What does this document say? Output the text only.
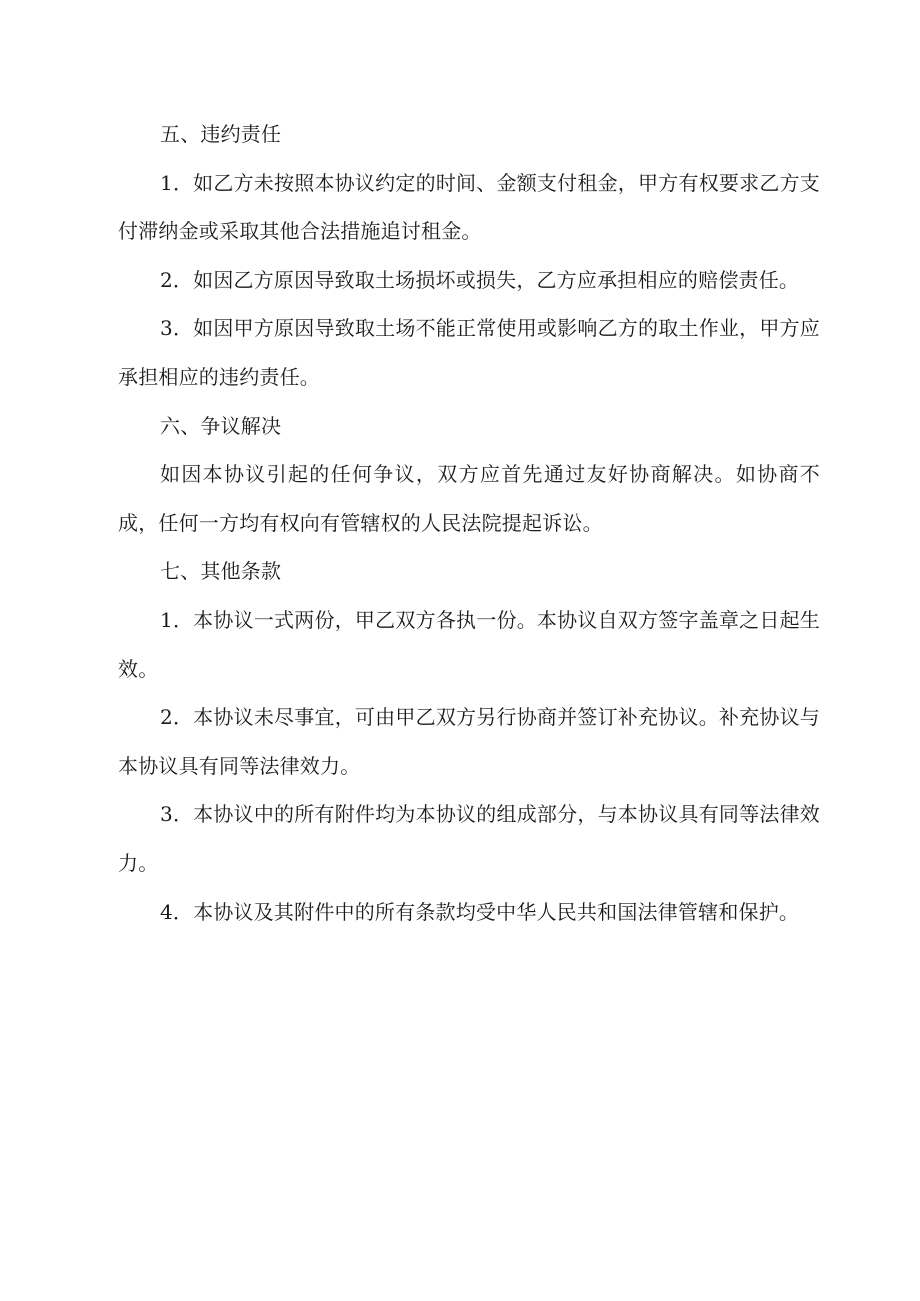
五、违约责任

1．如乙方未按照本协议约定的时间、金额支付租金，甲方有权要求乙方支付滞纳金或采取其他合法措施追讨租金。

2．如因乙方原因导致取土场损坏或损失，乙方应承担相应的赔偿责任。

3．如因甲方原因导致取土场不能正常使用或影响乙方的取土作业，甲方应承担相应的违约责任。

六、争议解决

如因本协议引起的任何争议，双方应首先通过友好协商解决。如协商不成，任何一方均有权向有管辖权的人民法院提起诉讼。

七、其他条款

1．本协议一式两份，甲乙双方各执一份。本协议自双方签字盖章之日起生效。

2．本协议未尽事宜，可由甲乙双方另行协商并签订补充协议。补充协议与本协议具有同等法律效力。

3．本协议中的所有附件均为本协议的组成部分，与本协议具有同等法律效力。

4．本协议及其附件中的所有条款均受中华人民共和国法律管辖和保护。
